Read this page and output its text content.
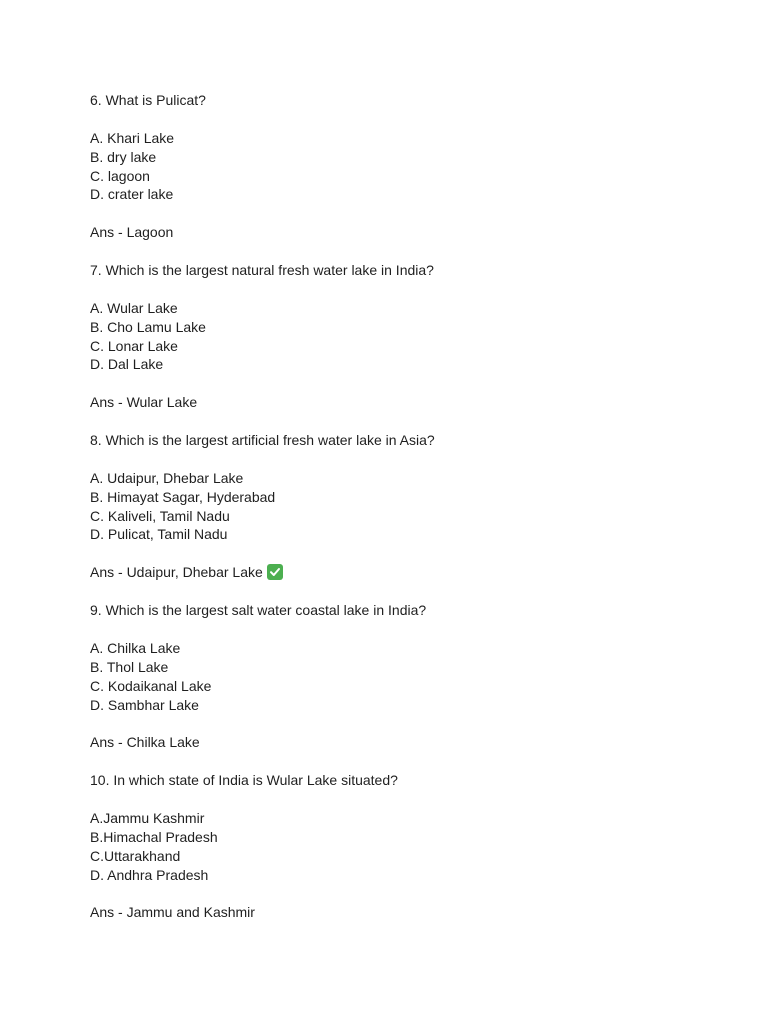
6. What is Pulicat?
A. Khari Lake
B. dry lake
C. lagoon
D. crater lake
Ans - Lagoon
7. Which is the largest natural fresh water lake in India?
A. Wular Lake
B. Cho Lamu Lake
C. Lonar Lake
D. Dal Lake
Ans - Wular Lake
8. Which is the largest artificial fresh water lake in Asia?
A. Udaipur, Dhebar Lake
B. Himayat Sagar, Hyderabad
C. Kaliveli, Tamil Nadu
D. Pulicat, Tamil Nadu
Ans - Udaipur, Dhebar Lake
9. Which is the largest salt water coastal lake in India?
A. Chilka Lake
B. Thol Lake
C. Kodaikanal Lake
D. Sambhar Lake
Ans - Chilka Lake
10. In which state of India is Wular Lake situated?
A.Jammu Kashmir
B.Himachal Pradesh
C.Uttarakhand
D. Andhra Pradesh
Ans - Jammu and Kashmir
